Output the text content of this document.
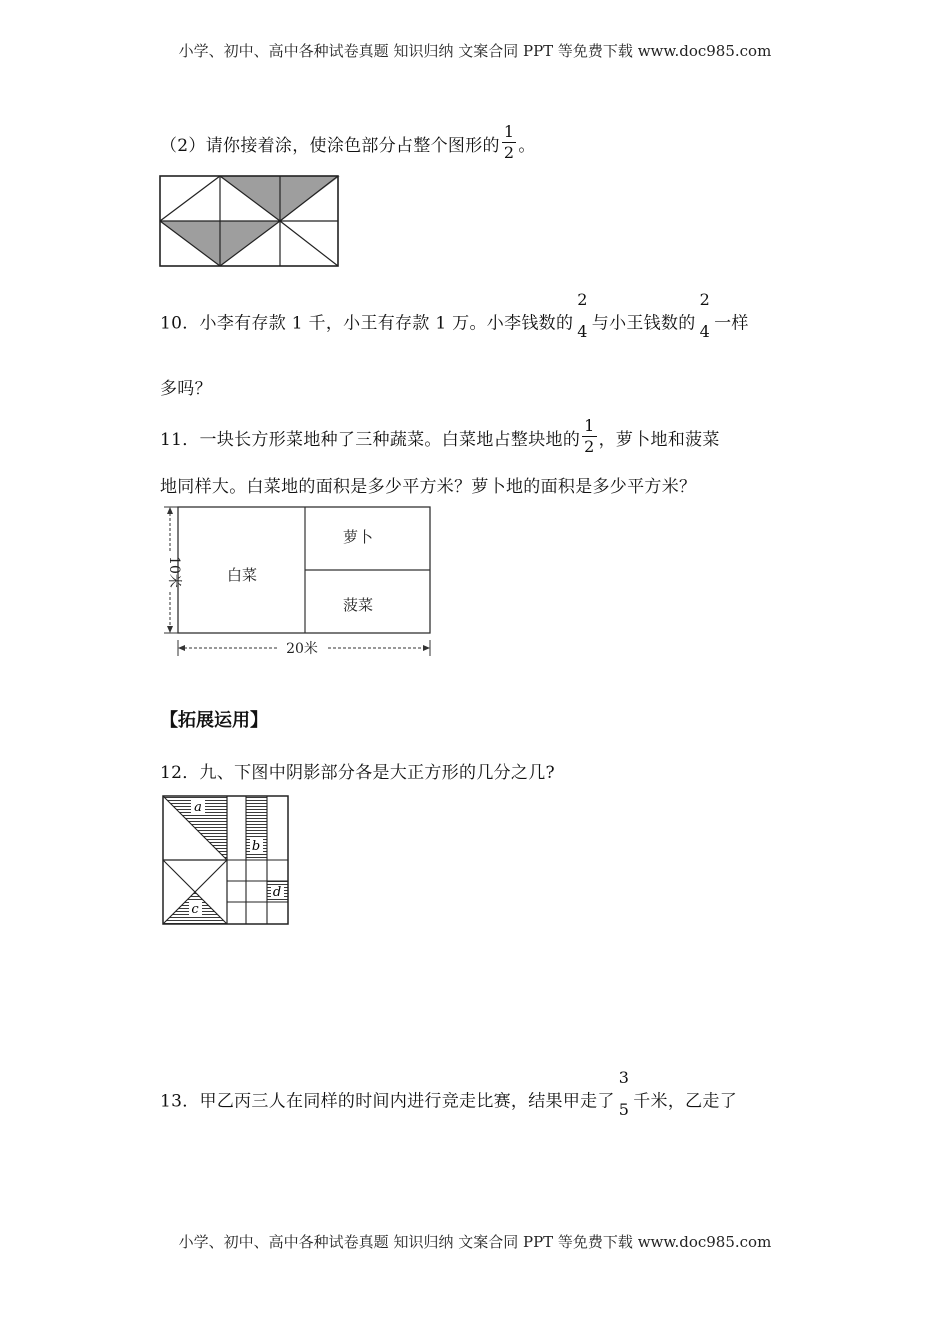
小学、初中、高中各种试卷真题 知识归纳 文案合同 PPT 等免费下载 www.doc985.com
（2）请你接着涂，使涂色部分占整个图形的 $\frac{1}{2}$ 。
10．小李有存款 1 千，小王有存款 1 万。小李钱数的
2
4 与小王钱数的
2
4 一样
多吗？
11．一块长方形菜地种了三种蔬菜。白菜地占整块地的 $\frac{1}{2}$ ，萝卜地和菠菜
地同样大。白菜地的面积是多少平方米？萝卜地的面积是多少平方米？
白菜
萝卜
菠菜
10米
20米
【拓展运用】
12．九、下图中阴影部分各是大正方形的几分之几?
a
b
c
d
13．甲乙丙三人在同样的时间内进行竞走比赛，结果甲走了
3
5 千米，乙走了
小学、初中、高中各种试卷真题 知识归纳 文案合同 PPT 等免费下载 www.doc985.com
